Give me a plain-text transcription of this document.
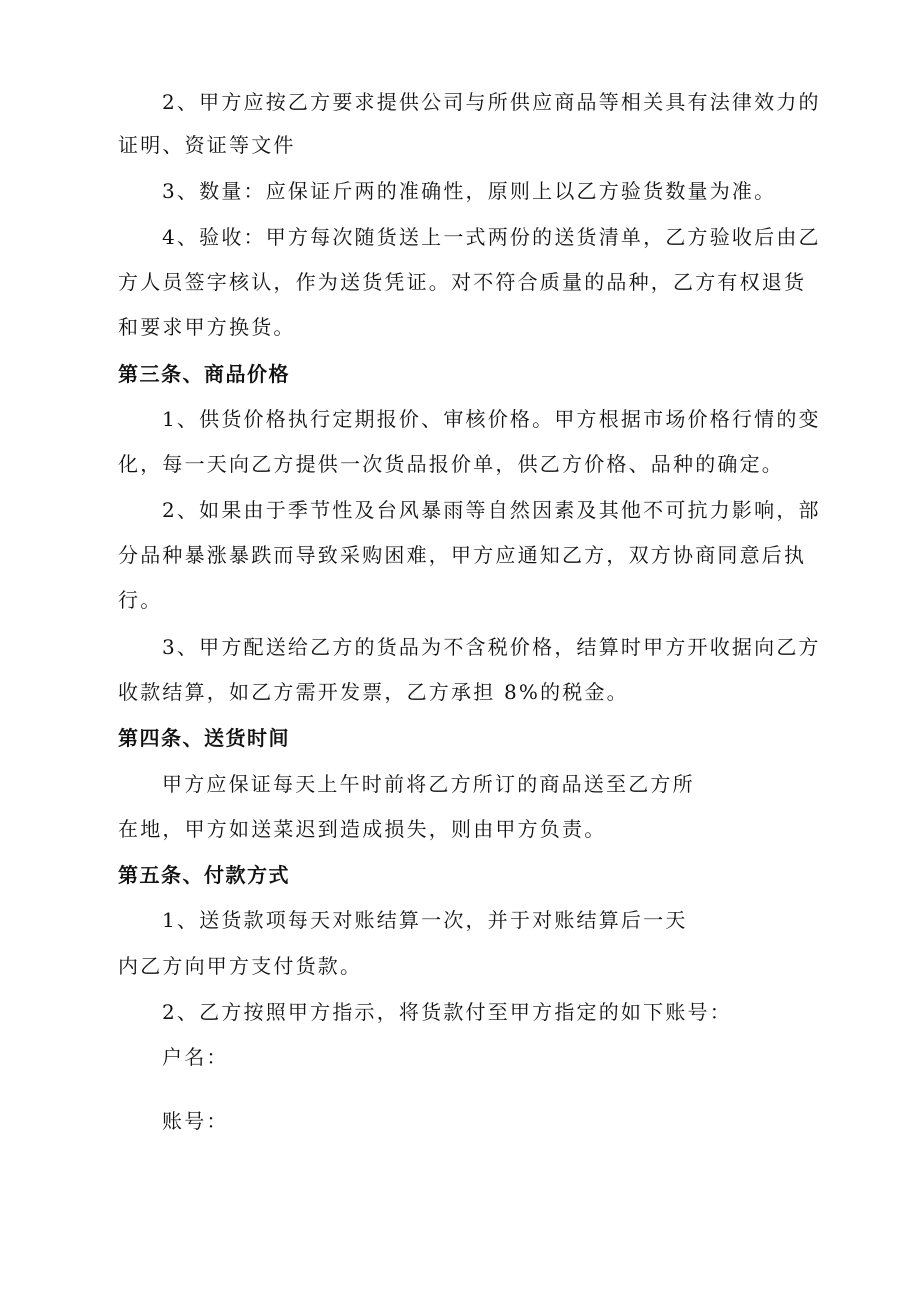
2、甲方应按乙方要求提供公司与所供应商品等相关具有法律效力的
证明、资证等文件
3、数量：应保证斤两的准确性，原则上以乙方验货数量为准。
4、验收：甲方每次随货送上一式两份的送货清单，乙方验收后由乙
方人员签字核认，作为送货凭证。对不符合质量的品种，乙方有权退货
和要求甲方换货。
第三条、商品价格
1、供货价格执行定期报价、审核价格。甲方根据市场价格行情的变
化，每一天向乙方提供一次货品报价单，供乙方价格、品种的确定。
2、如果由于季节性及台风暴雨等自然因素及其他不可抗力影响，部
分品种暴涨暴跌而导致采购困难，甲方应通知乙方，双方协商同意后执
行。
3、甲方配送给乙方的货品为不含税价格，结算时甲方开收据向乙方
收款结算，如乙方需开发票，乙方承担 8%的税金。
第四条、送货时间
甲方应保证每天上午时前将乙方所订的商品送至乙方所
在地，甲方如送菜迟到造成损失，则由甲方负责。
第五条、付款方式
1、送货款项每天对账结算一次，并于对账结算后一天
内乙方向甲方支付货款。
2、乙方按照甲方指示，将货款付至甲方指定的如下账号：
户名：
账号：
